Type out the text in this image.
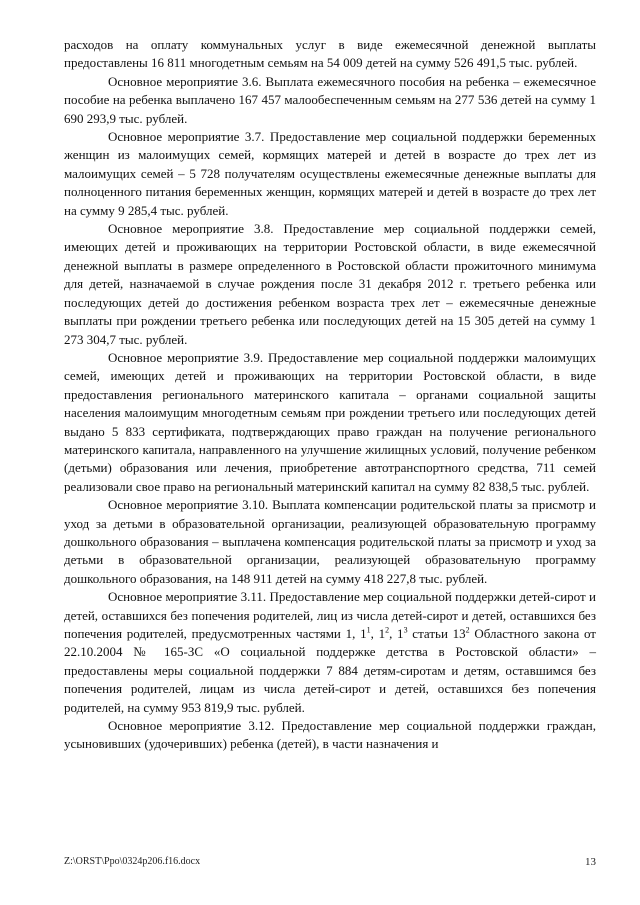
расходов на оплату коммунальных услуг в виде ежемесячной денежной выплаты предоставлены 16 811 многодетным семьям на 54 009 детей на сумму 526 491,5 тыс. рублей.

Основное мероприятие 3.6. Выплата ежемесячного пособия на ребенка – ежемесячное пособие на ребенка выплачено 167 457 малообеспеченным семьям на 277 536 детей на сумму 1 690 293,9 тыс. рублей.

Основное мероприятие 3.7. Предоставление мер социальной поддержки беременных женщин из малоимущих семей, кормящих матерей и детей в возрасте до трех лет из малоимущих семей – 5 728 получателям осуществлены ежемесячные денежные выплаты для полноценного питания беременных женщин, кормящих матерей и детей в возрасте до трех лет на сумму 9 285,4 тыс. рублей.

Основное мероприятие 3.8. Предоставление мер социальной поддержки семей, имеющих детей и проживающих на территории Ростовской области, в виде ежемесячной денежной выплаты в размере определенного в Ростовской области прожиточного минимума для детей, назначаемой в случае рождения после 31 декабря 2012 г. третьего ребенка или последующих детей до достижения ребенком возраста трех лет – ежемесячные денежные выплаты при рождении третьего ребенка или последующих детей на 15 305 детей на сумму 1 273 304,7 тыс. рублей.

Основное мероприятие 3.9. Предоставление мер социальной поддержки малоимущих семей, имеющих детей и проживающих на территории Ростовской области, в виде предоставления регионального материнского капитала – органами социальной защиты населения малоимущим многодетным семьям при рождении третьего или последующих детей выдано 5 833 сертификата, подтверждающих право граждан на получение регионального материнского капитала, направленного на улучшение жилищных условий, получение ребенком (детьми) образования или лечения, приобретение автотранспортного средства, 711 семей реализовали свое право на региональный материнский капитал на сумму 82 838,5 тыс. рублей.

Основное мероприятие 3.10. Выплата компенсации родительской платы за присмотр и уход за детьми в образовательной организации, реализующей образовательную программу дошкольного образования – выплачена компенсация родительской платы за присмотр и уход за детьми в образовательной организации, реализующей образовательную программу дошкольного образования, на 148 911 детей на сумму 418 227,8 тыс. рублей.

Основное мероприятие 3.11. Предоставление мер социальной поддержки детей-сирот и детей, оставшихся без попечения родителей, лиц из числа детей-сирот и детей, оставшихся без попечения родителей, предусмотренных частями 1, $1^1$, $1^2$, $1^3$ статьи $13^2$ Областного закона от 22.10.2004 № 165-ЗС «О социальной поддержке детства в Ростовской области» – предоставлены меры социальной поддержки 7 884 детям-сиротам и детям, оставшимся без попечения родителей, лицам из числа детей-сирот и детей, оставшихся без попечения родителей, на сумму 953 819,9 тыс. рублей.

Основное мероприятие 3.12. Предоставление мер социальной поддержки граждан, усыновивших (удочеривших) ребенка (детей), в части назначения и

Z:\ORST\Ppo\0324p206.f16.docx	13
